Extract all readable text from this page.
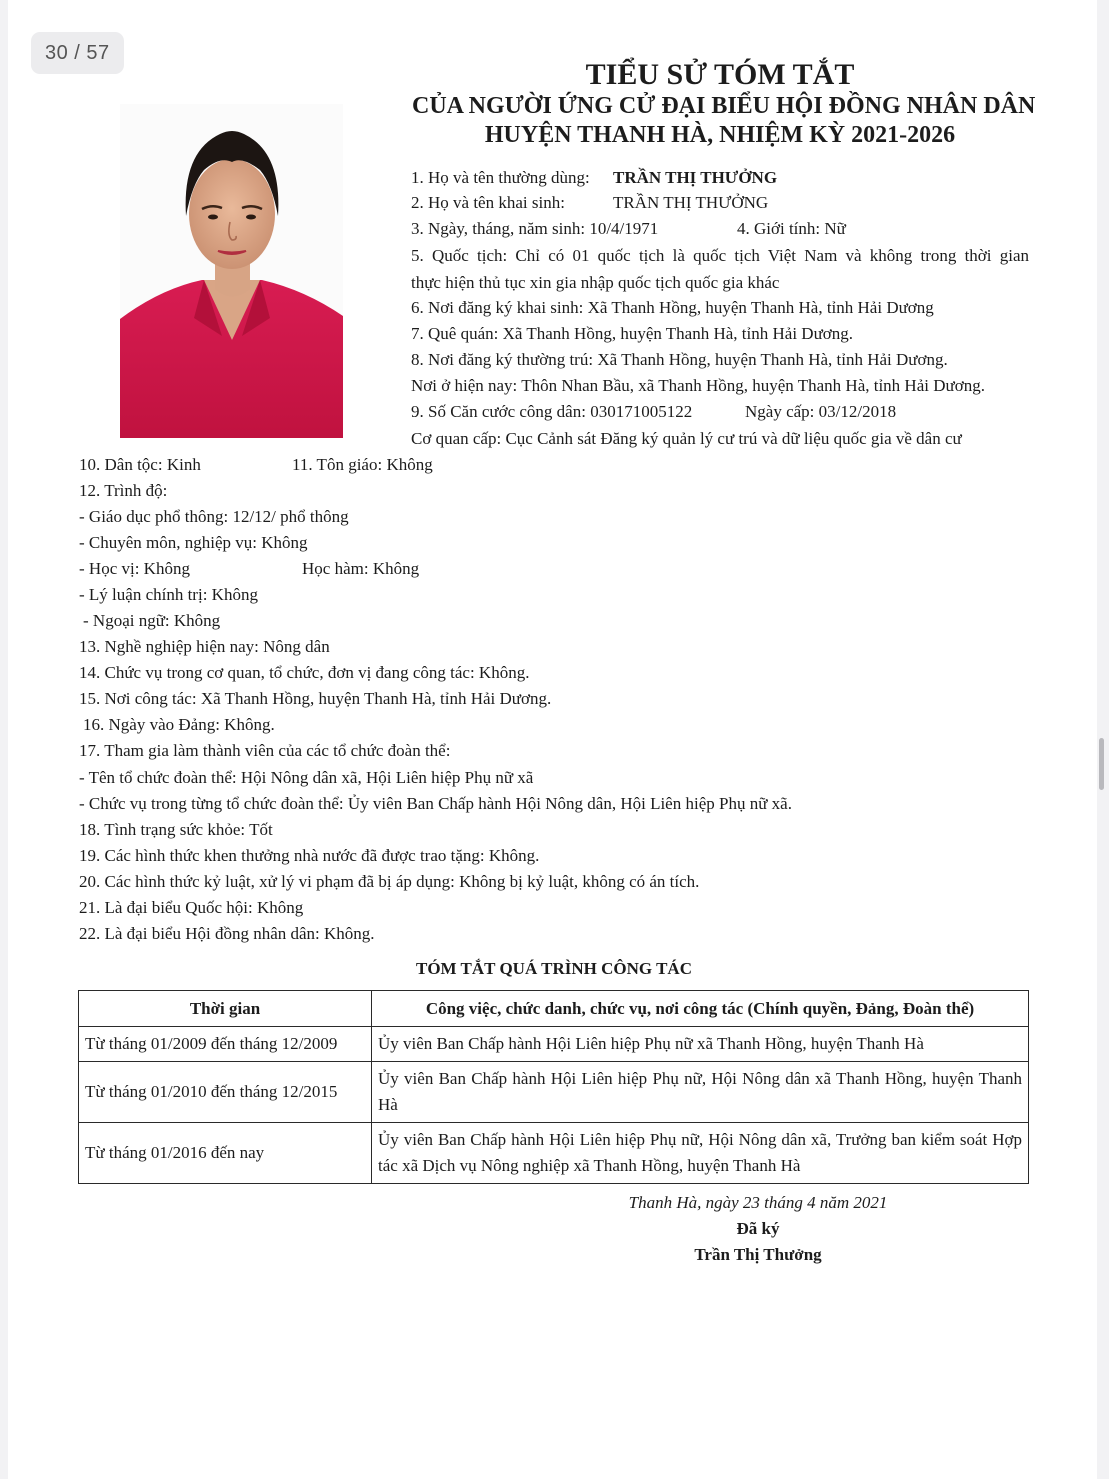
30 / 57
TIỂU SỬ TÓM TẮT
CỦA NGƯỜI ỨNG CỬ ĐẠI BIỂU HỘI ĐỒNG NHÂN DÂN
HUYỆN THANH HÀ, NHIỆM KỲ 2021-2026
1. Họ và tên thường dùng: TRẦN THỊ THƯỞNG
2. Họ và tên khai sinh:	TRẦN THỊ THƯỞNG
3. Ngày, tháng, năm sinh: 10/4/1971	4. Giới tính: Nữ
5. Quốc tịch: Chỉ có 01 quốc tịch là quốc tịch Việt Nam và không trong thời gian
thực hiện thủ tục xin gia nhập quốc tịch quốc gia khác
6. Nơi đăng ký khai sinh: Xã Thanh Hồng, huyện Thanh Hà, tỉnh Hải Dương
7. Quê quán: Xã Thanh Hồng, huyện Thanh Hà, tỉnh Hải Dương.
8. Nơi đăng ký thường trú: Xã Thanh Hồng, huyện Thanh Hà, tỉnh Hải Dương.
Nơi ở hiện nay: Thôn Nhan Bầu, xã Thanh Hồng, huyện Thanh Hà, tỉnh Hải Dương.
9. Số Căn cước công dân: 030171005122	Ngày cấp: 03/12/2018
Cơ quan cấp: Cục Cảnh sát Đăng ký quản lý cư trú và dữ liệu quốc gia về dân cư
10. Dân tộc: Kinh	11. Tôn giáo: Không
12. Trình độ:
- Giáo dục phổ thông: 12/12/ phổ thông
- Chuyên môn, nghiệp vụ: Không
- Học vị: Không	Học hàm: Không
- Lý luận chính trị: Không
- Ngoại ngữ: Không
13. Nghề nghiệp hiện nay: Nông dân
14. Chức vụ trong cơ quan, tổ chức, đơn vị đang công tác: Không.
15. Nơi công tác: Xã Thanh Hồng, huyện Thanh Hà, tỉnh Hải Dương.
16. Ngày vào Đảng: Không.
17. Tham gia làm thành viên của các tổ chức đoàn thể:
- Tên tổ chức đoàn thể: Hội Nông dân xã, Hội Liên hiệp Phụ nữ xã
- Chức vụ trong từng tổ chức đoàn thể: Ủy viên Ban Chấp hành Hội Nông dân, Hội Liên hiệp Phụ nữ xã.
18. Tình trạng sức khỏe: Tốt
19. Các hình thức khen thưởng nhà nước đã được trao tặng: Không.
20. Các hình thức kỷ luật, xử lý vi phạm đã bị áp dụng: Không bị kỷ luật, không có án tích.
21. Là đại biểu Quốc hội: Không
22. Là đại biểu Hội đồng nhân dân: Không.
TÓM TẮT QUÁ TRÌNH CÔNG TÁC
Thời gian	Công việc, chức danh, chức vụ, nơi công tác (Chính quyền, Đảng, Đoàn thể)
Từ tháng 01/2009 đến tháng 12/2009	Ủy viên Ban Chấp hành Hội Liên hiệp Phụ nữ xã Thanh Hồng, huyện Thanh Hà
Từ tháng 01/2010 đến tháng 12/2015	Ủy viên Ban Chấp hành Hội Liên hiệp Phụ nữ, Hội Nông dân xã Thanh Hồng, huyện Thanh Hà
Từ tháng 01/2016 đến nay	Ủy viên Ban Chấp hành Hội Liên hiệp Phụ nữ, Hội Nông dân xã, Trưởng ban kiểm soát Hợp tác xã Dịch vụ Nông nghiệp xã Thanh Hồng, huyện Thanh Hà
Thanh Hà, ngày 23 tháng 4 năm 2021
Đã ký
Trần Thị Thưởng
